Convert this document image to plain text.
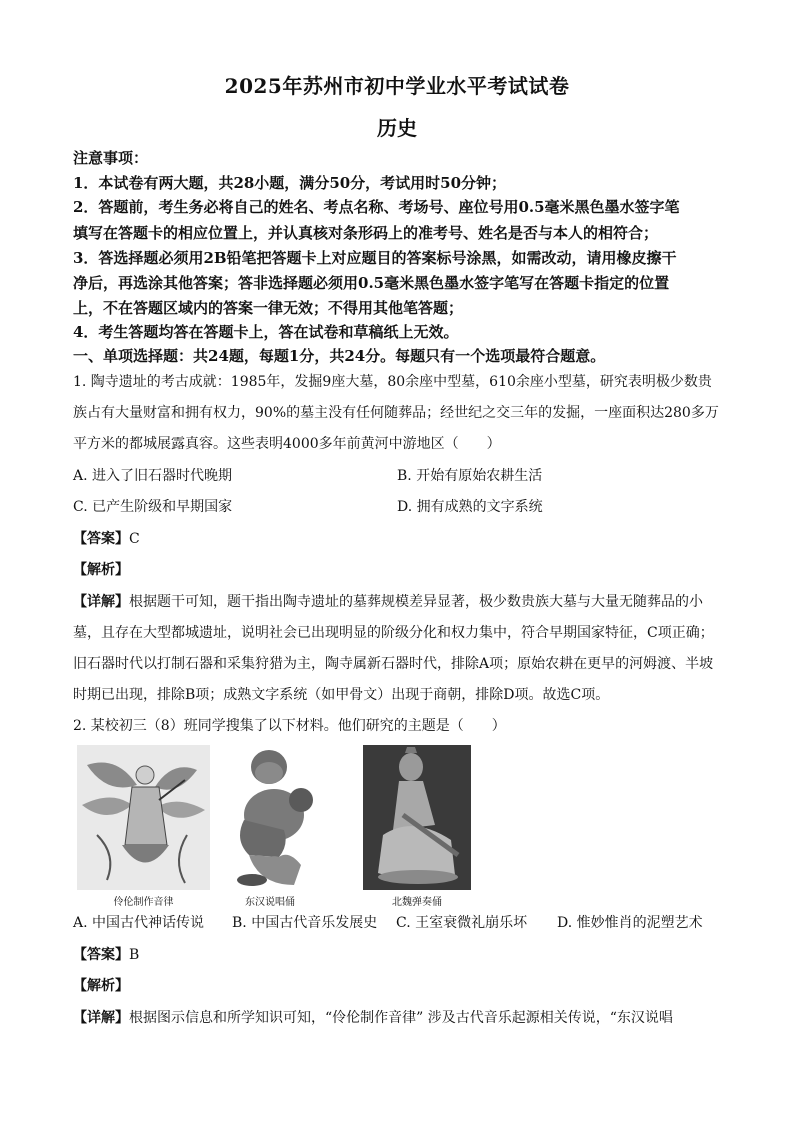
2025年苏州市初中学业水平考试试卷
历史
注意事项：
1．本试卷有两大题，共28小题，满分50分，考试用时50分钟；
2．答题前，考生务必将自己的姓名、考点名称、考场号、座位号用0.5毫米黑色墨水签字笔
填写在答题卡的相应位置上，并认真核对条形码上的准考号、姓名是否与本人的相符合；
3．答选择题必须用2B铅笔把答题卡上对应题目的答案标号涂黑，如需改动，请用橡皮擦干
净后，再选涂其他答案；答非选择题必须用0.5毫米黑色墨水签字笔写在答题卡指定的位置
上，不在答题区域内的答案一律无效；不得用其他笔答题；
4．考生答题均答在答题卡上，答在试卷和草稿纸上无效。
一、单项选择题：共24题，每题1分，共24分。每题只有一个选项最符合题意。
1. 陶寺遗址的考古成就：1985年，发掘9座大墓，80余座中型墓，610余座小型墓，研究表明极少数贵
族占有大量财富和拥有权力，90%的墓主没有任何随葬品；经世纪之交三年的发掘，一座面积达280多万
平方米的都城展露真容。这些表明4000多年前黄河中游地区（　　）
A. 进入了旧石器时代晚期	B. 开始有原始农耕生活
C. 已产生阶级和早期国家	D. 拥有成熟的文字系统
【答案】C
【解析】
【详解】根据题干可知，题干指出陶寺遗址的墓葬规模差异显著，极少数贵族大墓与大量无随葬品的小
墓，且存在大型都城遗址，说明社会已出现明显的阶级分化和权力集中，符合早期国家特征，C项正确；
旧石器时代以打制石器和采集狩猎为主，陶寺属新石器时代，排除A项；原始农耕在更早的河姆渡、半坡
时期已出现，排除B项；成熟文字系统（如甲骨文）出现于商朝，排除D项。故选C项。
2. 某校初三（8）班同学搜集了以下材料。他们研究的主题是（　　）
伶伦制作音律	东汉说唱俑	北魏弹奏俑
A. 中国古代神话传说 B. 中国古代音乐发展史 C. 王室衰微礼崩乐坏 D. 惟妙惟肖的泥塑艺术
【答案】B
【解析】
【详解】根据图示信息和所学知识可知，“伶伦制作音律” 涉及古代音乐起源相关传说，“东汉说唱
